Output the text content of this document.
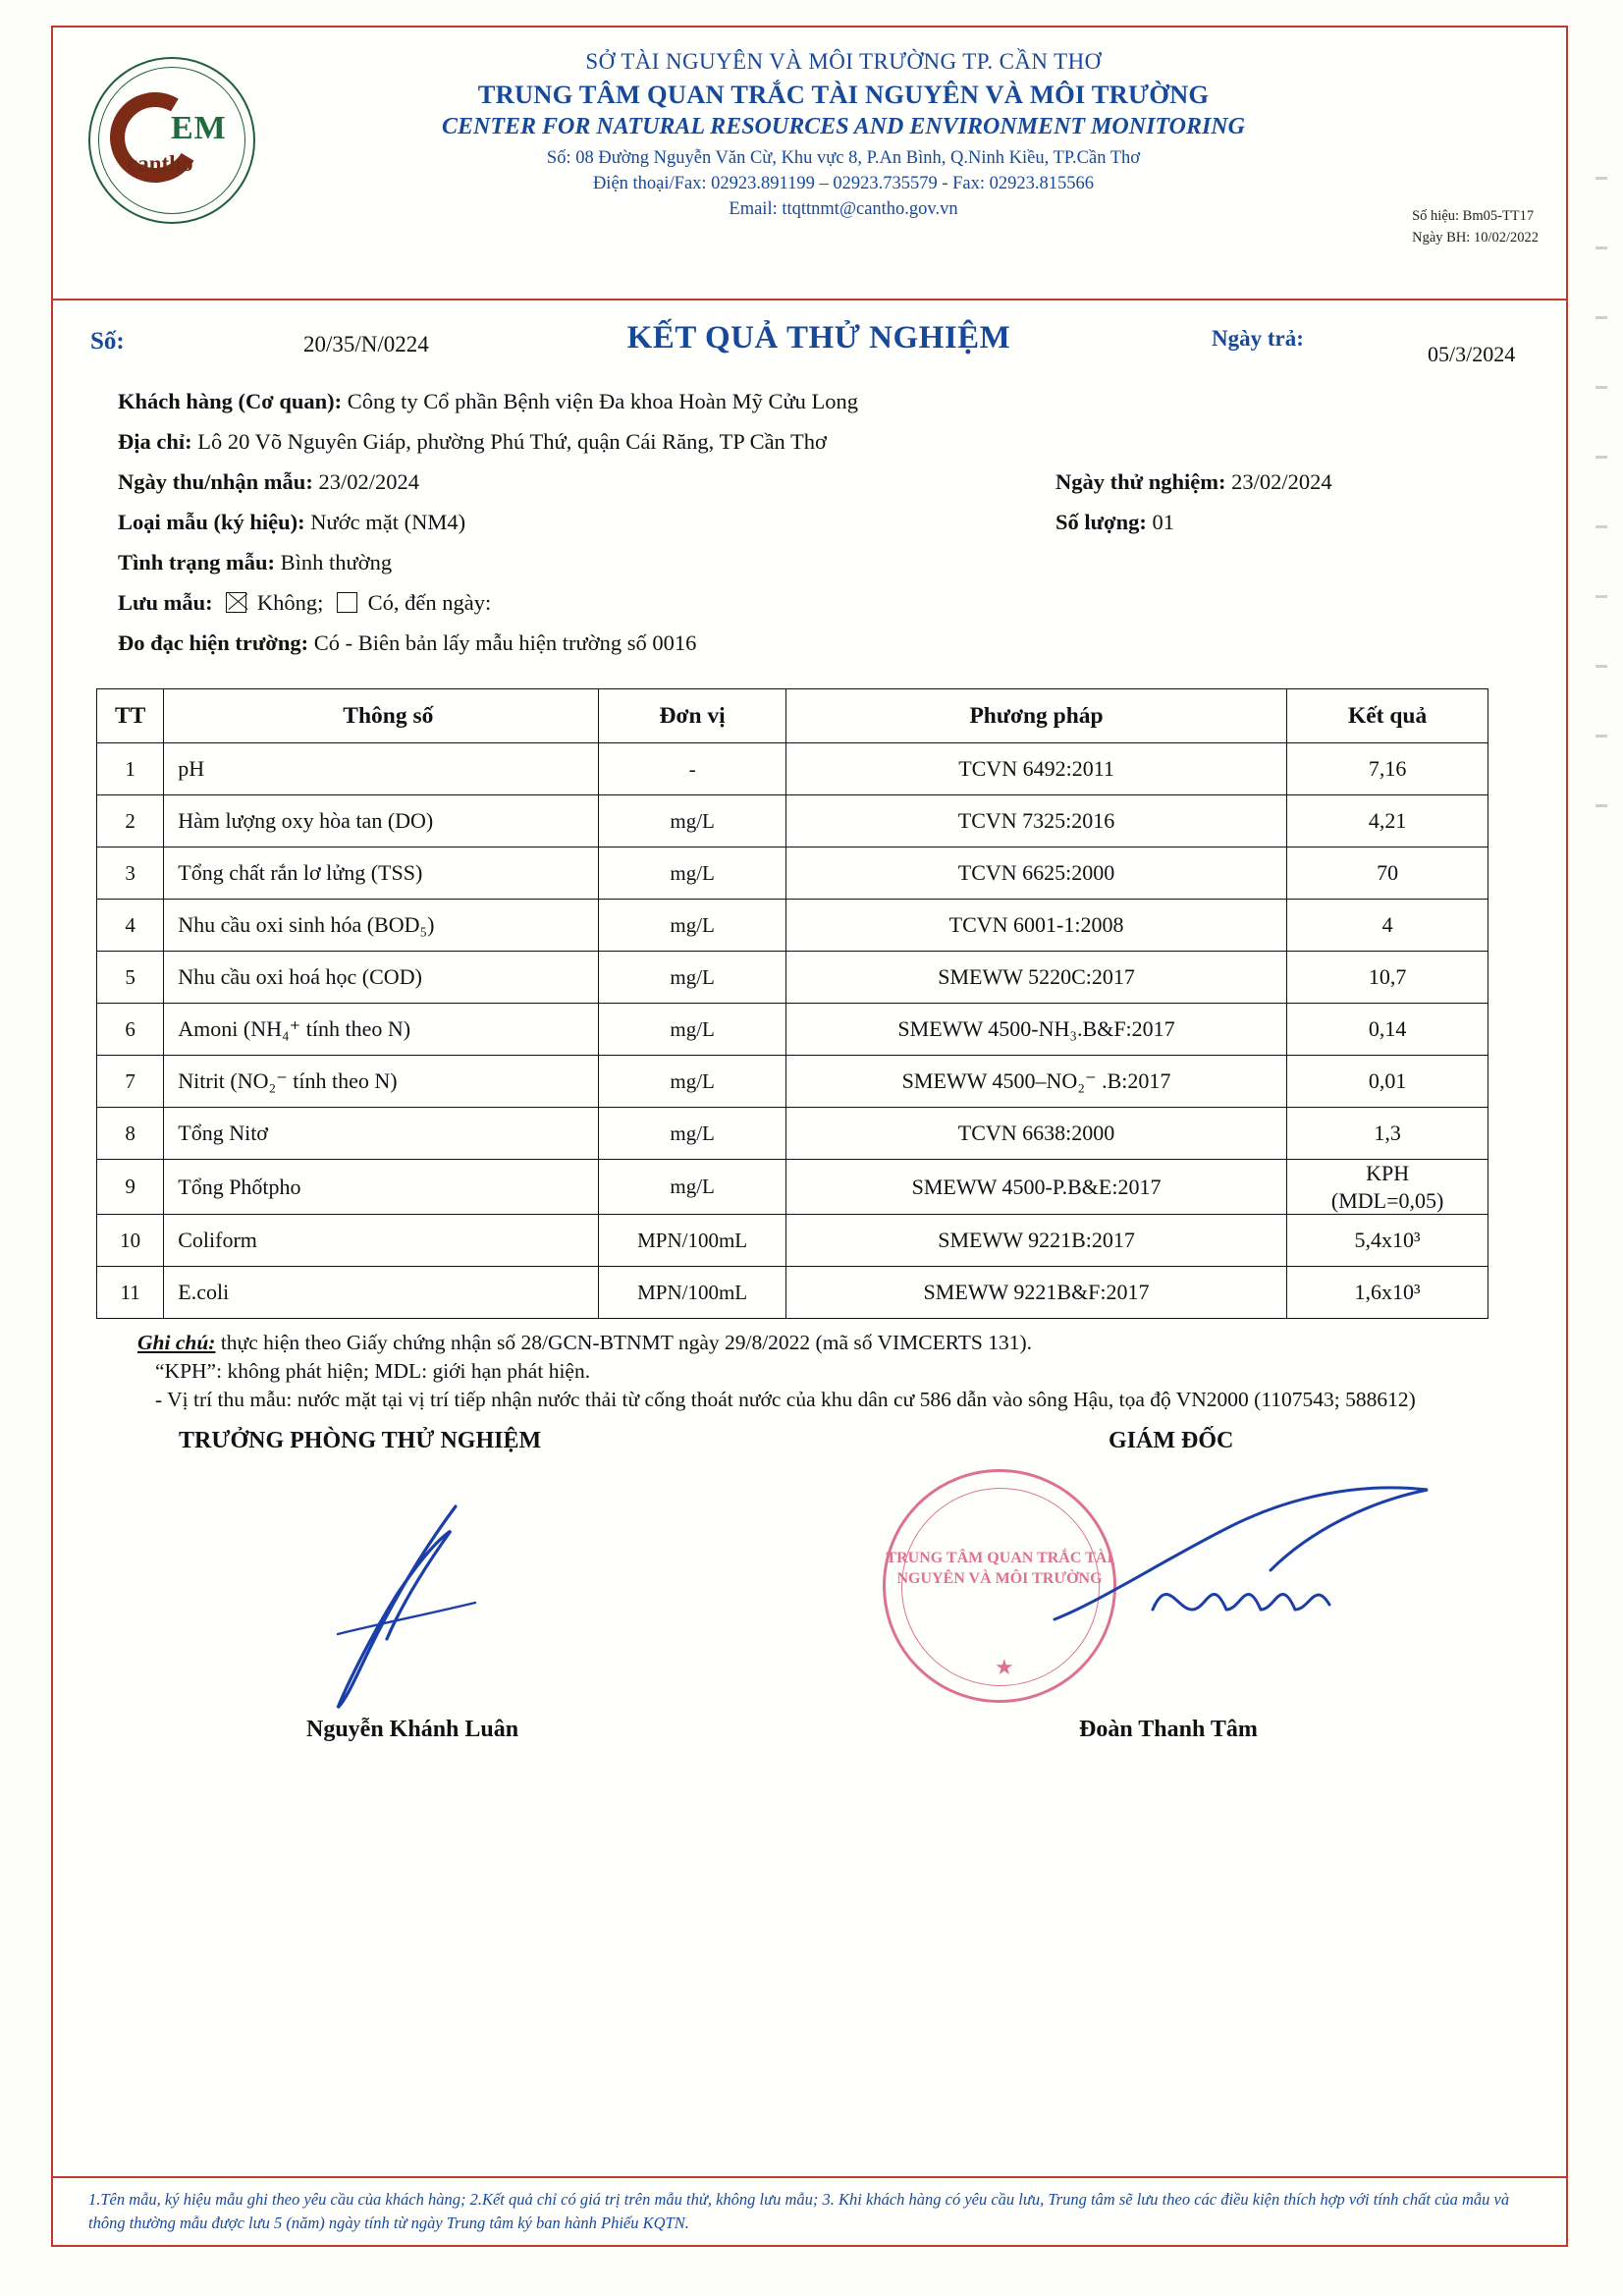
EM
cantho
SỞ TÀI NGUYÊN VÀ MÔI TRƯỜNG TP. CẦN THƠ
TRUNG TÂM QUAN TRẮC TÀI NGUYÊN VÀ MÔI TRƯỜNG
CENTER FOR NATURAL RESOURCES AND ENVIRONMENT MONITORING
Số: 08 Đường Nguyễn Văn Cừ, Khu vực 8, P.An Bình, Q.Ninh Kiều, TP.Cần Thơ
Điện thoại/Fax: 02923.891199 – 02923.735579 - Fax: 02923.815566
Email: ttqttnmt@cantho.gov.vn	Số hiệu: Bm05-TT17
Ngày BH: 10/02/2022
Số:	20/35/N/0224	KẾT QUẢ THỬ NGHIỆM	Ngày trả:
05/3/2024
Khách hàng (Cơ quan): Công ty Cổ phần Bệnh viện Đa khoa Hoàn Mỹ Cửu Long
Địa chỉ: Lô 20 Võ Nguyên Giáp, phường Phú Thứ, quận Cái Răng, TP Cần Thơ
Ngày thu/nhận mẫu: 23/02/2024	Ngày thử nghiệm: 23/02/2024
Loại mẫu (ký hiệu): Nước mặt (NM4)	Số lượng: 01
Tình trạng mẫu: Bình thường
Lưu mẫu: Không; Có, đến ngày:
Đo đạc hiện trường: Có - Biên bản lấy mẫu hiện trường số 0016
TT	Thông số	Đơn vị	Phương pháp	Kết quả
1	pH	-	TCVN 6492:2011	7,16
2	Hàm lượng oxy hòa tan (DO)	mg/L	TCVN 7325:2016	4,21
3	Tổng chất rắn lơ lửng (TSS)	mg/L	TCVN 6625:2000	70
4	Nhu cầu oxi sinh hóa (BOD₅)	mg/L	TCVN 6001-1:2008	4
5	Nhu cầu oxi hoá học (COD)	mg/L	SMEWW 5220C:2017	10,7
6	Amoni (NH₄⁺ tính theo N)	mg/L	SMEWW 4500-NH₃.B&F:2017	0,14
7	Nitrit (NO₂⁻ tính theo N)	mg/L	SMEWW 4500–NO₂⁻ .B:2017	0,01
8	Tổng Nitơ	mg/L	TCVN 6638:2000	1,3
9	Tổng Phốtpho	mg/L	SMEWW 4500-P.B&E:2017	KPH
(MDL=0,05)
10	Coliform	MPN/100mL	SMEWW 9221B:2017	5,4x10³
11	E.coli	MPN/100mL	SMEWW 9221B&F:2017	1,6x10³
Ghi chú: thực hiện theo Giấy chứng nhận số 28/GCN-BTNMT ngày 29/8/2022 (mã số VIMCERTS 131).
“KPH”: không phát hiện; MDL: giới hạn phát hiện.
- Vị trí thu mẫu: nước mặt tại vị trí tiếp nhận nước thải từ cống thoát nước của khu dân cư 586 dẫn vào sông Hậu, tọa độ VN2000 (1107543; 588612)
TRƯỞNG PHÒNG THỬ NGHIỆM	GIÁM ĐỐC
TRUNG TÂM QUAN TRẮC TÀI NGUYÊN VÀ MÔI TRƯỜNG
★
Nguyễn Khánh Luân	Đoàn Thanh Tâm
1.Tên mẫu, ký hiệu mẫu ghi theo yêu cầu của khách hàng; 2.Kết quả chỉ có giá trị trên mẫu thử, không lưu mẫu; 3. Khi khách hàng có yêu cầu lưu, Trung tâm sẽ lưu theo các điều kiện thích hợp với tính chất của mẫu và thông thường mẫu được lưu 5 (năm) ngày tính từ ngày Trung tâm ký ban hành Phiếu KQTN.
